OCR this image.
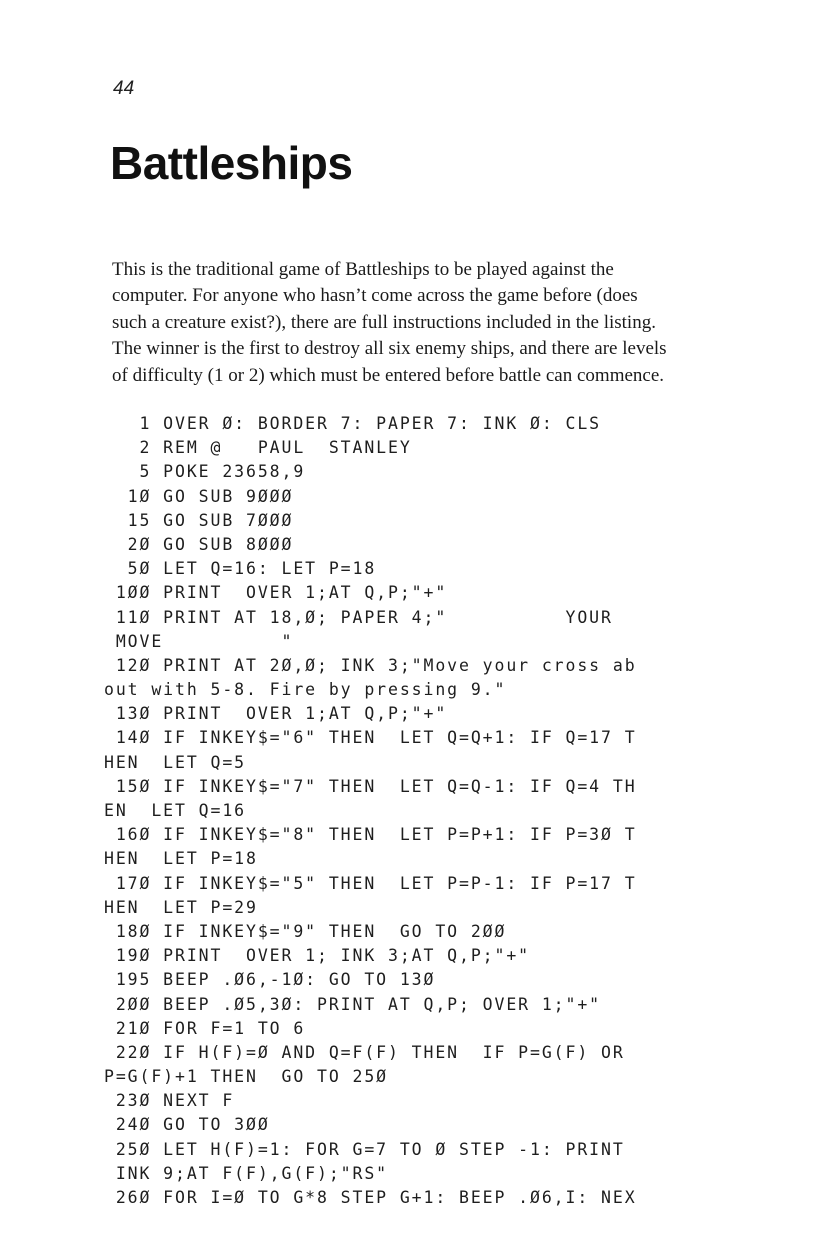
44
Battleships

This is the traditional game of Battleships to be played against the
computer. For anyone who hasn’t come across the game before (does
such a creature exist?), there are full instructions included in the listing.
The winner is the first to destroy all six enemy ships, and there are levels
of difficulty (1 or 2) which must be entered before battle can commence.

1 OVER Ø: BORDER 7: PAPER 7: INK Ø: CLS
2 REM @   PAUL  STANLEY
5 POKE 23658,9
1Ø GO SUB 9ØØØ
15 GO SUB 7ØØØ
2Ø GO SUB 8ØØØ
5Ø LET Q=16: LET P=18
1ØØ PRINT  OVER 1;AT Q,P;"+"
11Ø PRINT AT 18,Ø; PAPER 4;"          YOUR
MOVE          "
12Ø PRINT AT 2Ø,Ø; INK 3;"Move your cross ab
out with 5-8. Fire by pressing 9."
13Ø PRINT  OVER 1;AT Q,P;"+"
14Ø IF INKEY$="6" THEN  LET Q=Q+1: IF Q=17 T
HEN  LET Q=5
15Ø IF INKEY$="7" THEN  LET Q=Q-1: IF Q=4 TH
EN  LET Q=16
16Ø IF INKEY$="8" THEN  LET P=P+1: IF P=3Ø T
HEN  LET P=18
17Ø IF INKEY$="5" THEN  LET P=P-1: IF P=17 T
HEN  LET P=29
18Ø IF INKEY$="9" THEN  GO TO 2ØØ
19Ø PRINT  OVER 1; INK 3;AT Q,P;"+"
195 BEEP .Ø6,-1Ø: GO TO 13Ø
2ØØ BEEP .Ø5,3Ø: PRINT AT Q,P; OVER 1;"+"
21Ø FOR F=1 TO 6
22Ø IF H(F)=Ø AND Q=F(F) THEN  IF P=G(F) OR
P=G(F)+1 THEN  GO TO 25Ø
23Ø NEXT F
24Ø GO TO 3ØØ
25Ø LET H(F)=1: FOR G=7 TO Ø STEP -1: PRINT
INK 9;AT F(F),G(F);"RS"
26Ø FOR I=Ø TO G*8 STEP G+1: BEEP .Ø6,I: NEX
